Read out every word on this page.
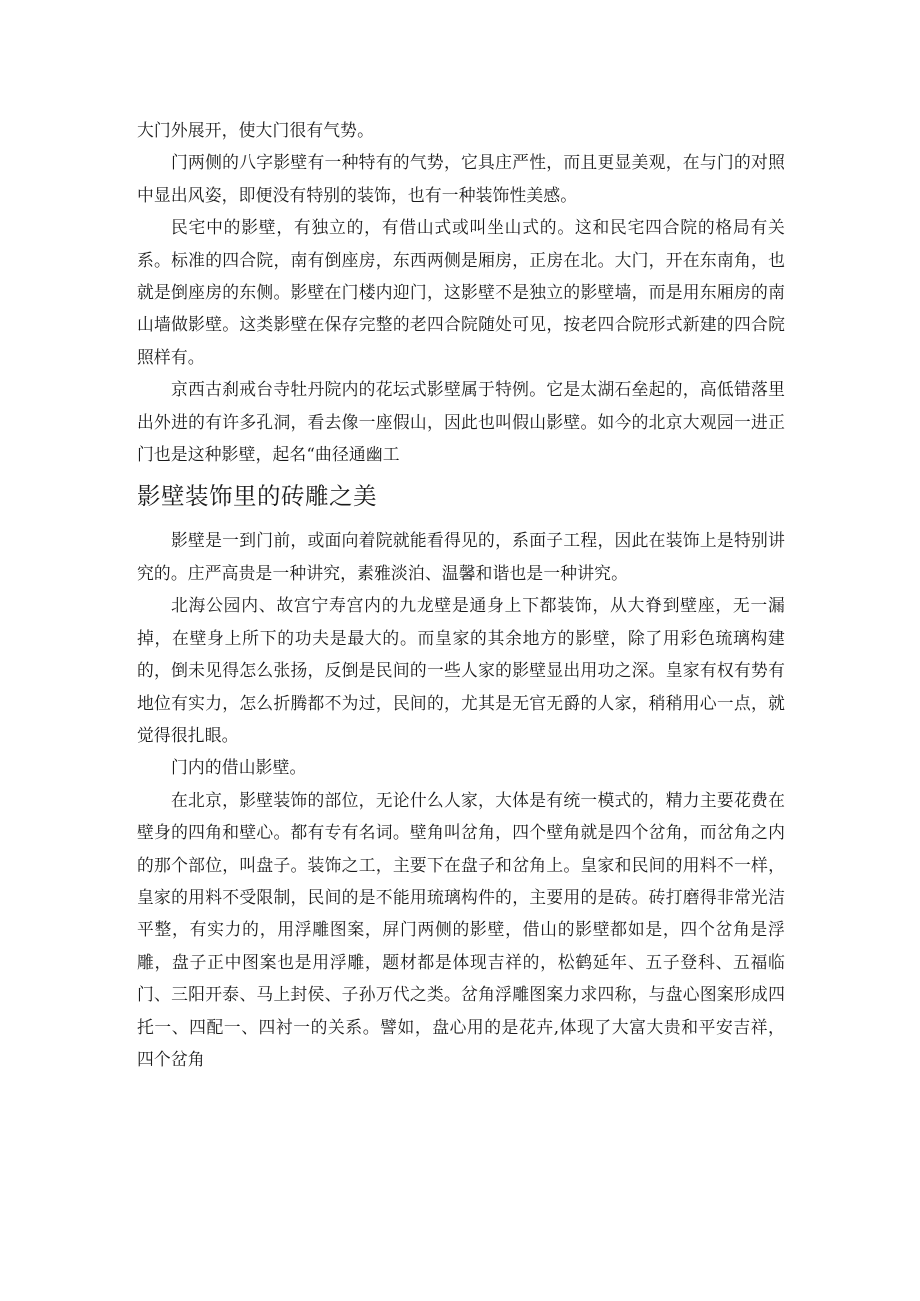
大门外展开，使大门很有气势。

门两侧的八字影壁有一种特有的气势，它具庄严性，而且更显美观，在与门的对照中显出风姿，即便没有特别的装饰，也有一种装饰性美感。

民宅中的影壁，有独立的，有借山式或叫坐山式的。这和民宅四合院的格局有关系。标准的四合院，南有倒座房，东西两侧是厢房，正房在北。大门，开在东南角，也就是倒座房的东侧。影壁在门楼内迎门，这影壁不是独立的影壁墙，而是用东厢房的南山墙做影壁。这类影壁在保存完整的老四合院随处可见，按老四合院形式新建的四合院照样有。

京西古刹戒台寺牡丹院内的花坛式影壁属于特例。它是太湖石垒起的，高低错落里出外进的有许多孔洞，看去像一座假山，因此也叫假山影壁。如今的北京大观园一进正门也是这种影壁，起名“曲径通幽工

影壁装饰里的砖雕之美

影壁是一到门前，或面向着院就能看得见的，系面子工程，因此在装饰上是特别讲究的。庄严高贵是一种讲究，素雅淡泊、温馨和谐也是一种讲究。

北海公园内、故宫宁寿宫内的九龙壁是通身上下都装饰，从大脊到壁座，无一漏掉，在壁身上所下的功夫是最大的。而皇家的其余地方的影壁，除了用彩色琉璃构建的，倒未见得怎么张扬，反倒是民间的一些人家的影壁显出用功之深。皇家有权有势有地位有实力，怎么折腾都不为过，民间的，尤其是无官无爵的人家，稍稍用心一点，就觉得很扎眼。

门内的借山影壁。

在北京，影壁装饰的部位，无论什么人家，大体是有统一模式的，精力主要花费在壁身的四角和壁心。都有专有名词。壁角叫岔角，四个壁角就是四个岔角，而岔角之内的那个部位，叫盘子。装饰之工，主要下在盘子和岔角上。皇家和民间的用料不一样，皇家的用料不受限制，民间的是不能用琉璃构件的，主要用的是砖。砖打磨得非常光洁平整，有实力的，用浮雕图案，屏门两侧的影壁，借山的影壁都如是，四个岔角是浮雕，盘子正中图案也是用浮雕，题材都是体现吉祥的，松鹤延年、五子登科、五福临门、三阳开泰、马上封侯、子孙万代之类。岔角浮雕图案力求四称，与盘心图案形成四托一、四配一、四衬一的关系。譬如，盘心用的是花卉,体现了大富大贵和平安吉祥，四个岔角
